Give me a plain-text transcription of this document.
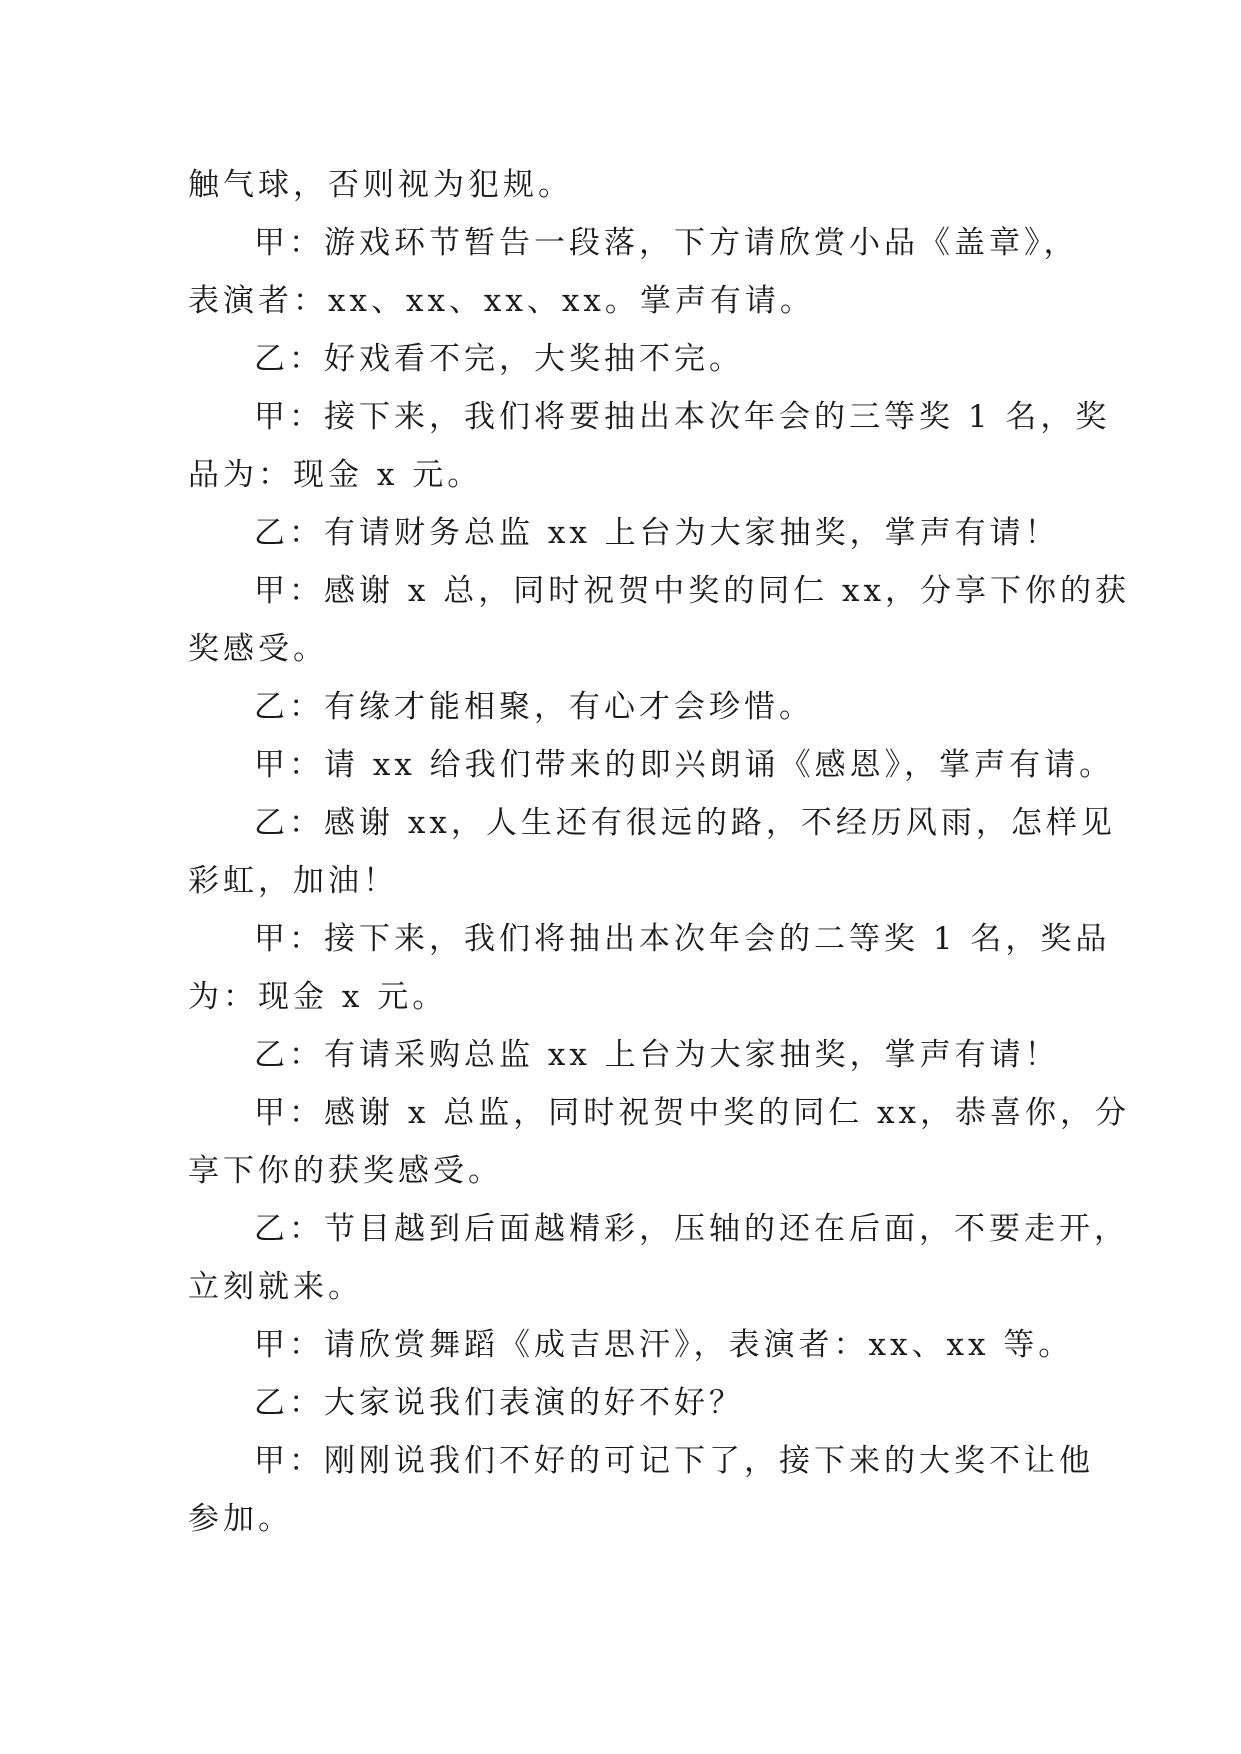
触气球，否则视为犯规。
甲：游戏环节暂告一段落，下方请欣赏小品《盖章》，
表演者：xx、xx、xx、xx。掌声有请。
乙：好戏看不完，大奖抽不完。
甲：接下来，我们将要抽出本次年会的三等奖 1 名，奖
品为：现金 x 元。
乙：有请财务总监 xx 上台为大家抽奖，掌声有请！
甲：感谢 x 总，同时祝贺中奖的同仁 xx，分享下你的获
奖感受。
乙：有缘才能相聚，有心才会珍惜。
甲：请 xx 给我们带来的即兴朗诵《感恩》，掌声有请。
乙：感谢 xx，人生还有很远的路，不经历风雨，怎样见
彩虹，加油！
甲：接下来，我们将抽出本次年会的二等奖 1 名，奖品
为：现金 x 元。
乙：有请采购总监 xx 上台为大家抽奖，掌声有请！
甲：感谢 x 总监，同时祝贺中奖的同仁 xx，恭喜你，分
享下你的获奖感受。
乙：节目越到后面越精彩，压轴的还在后面，不要走开，
立刻就来。
甲：请欣赏舞蹈《成吉思汗》，表演者：xx、xx 等。
乙：大家说我们表演的好不好？
甲：刚刚说我们不好的可记下了，接下来的大奖不让他
参加。
